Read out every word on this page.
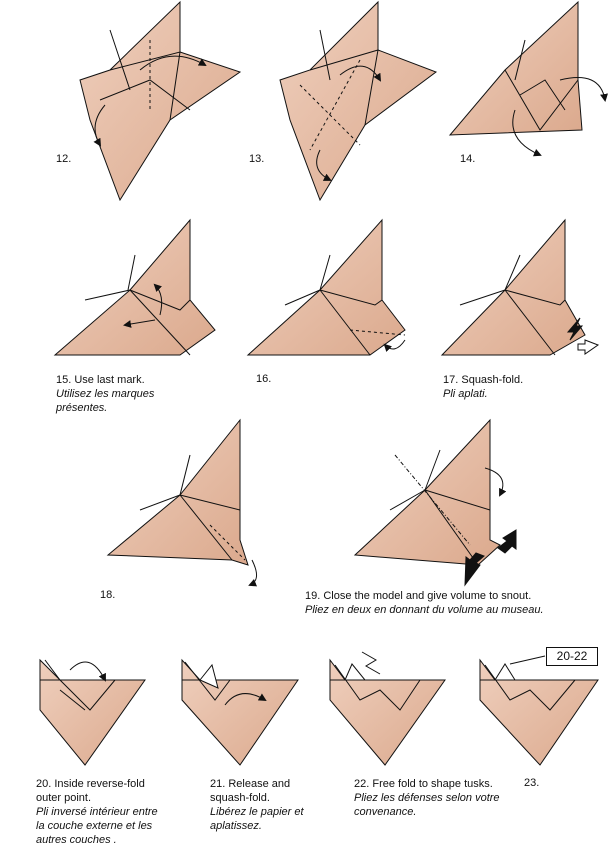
12.	13.	14.
15. Use last mark.
Utilisez les marques présentes.
16.	17. Squash-fold.
Pli aplati.
18.	19. Close the model and give volume to snout.
Pliez en deux en donnant du volume au museau.
20. Inside reverse-fold outer point.
Pli inversé intérieur entre la couche externe et les autres couches .
21. Release and squash-fold.
Libérez le papier et aplatissez.
22. Free fold to shape tusks.
Pliez les défenses selon votre convenance.
23.
20-22
